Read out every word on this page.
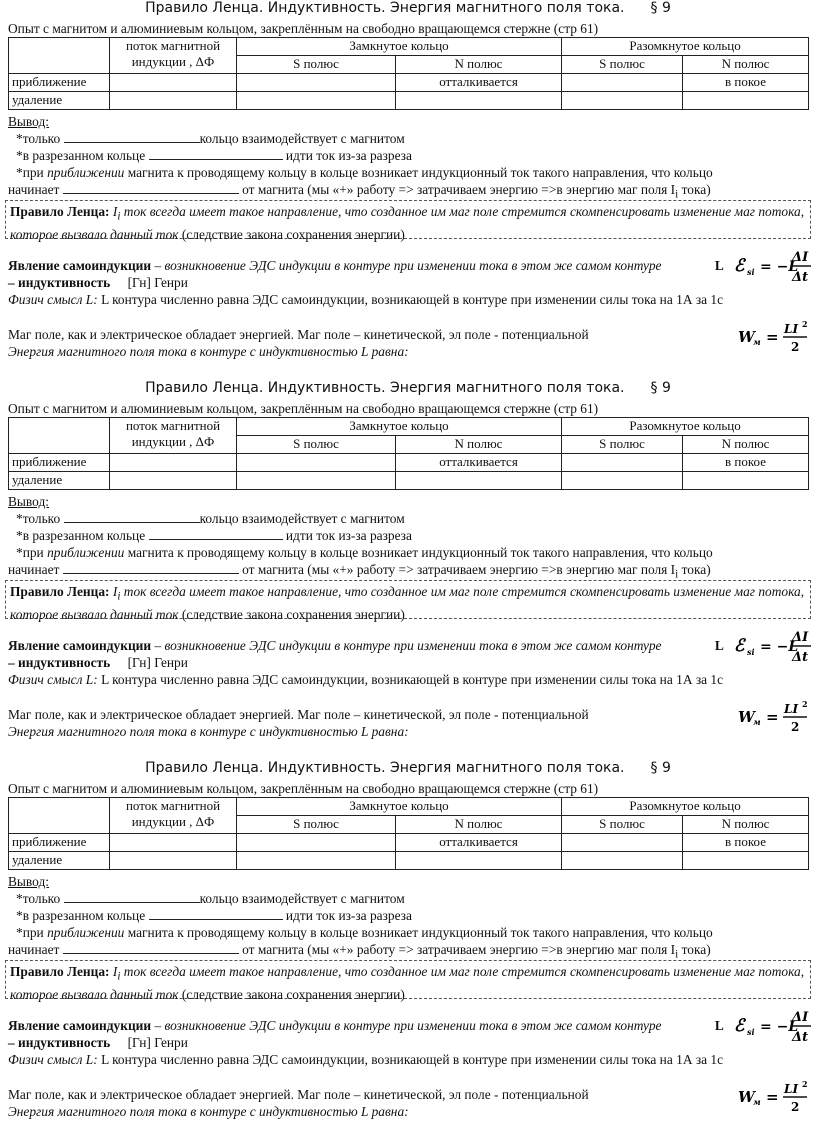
Правило Ленца. Индуктивность. Энергия магнитного поля тока. § 9
Опыт с магнитом и алюминиевым кольцом, закреплённым на свободно вращающемся стержне (стр 61)
	поток магнитной
индукции , ΔФ	Замкнутое кольцо		Разомкнутое кольцо	
		S полюс	N полюс	S полюс	N полюс
приближение			отталкивается		в покое
удаление					
Вывод:
*только	кольцо взаимодействует с магнитом
*в разрезанном кольце	идти ток из-за разреза
*при приближении магнита к проводящему кольцу в кольце возникает индукционный ток такого направления, что кольцо
начинает	от магнита (мы «+» работу => затрачиваем энергию =>в энергию маг поля $I_i$ тока)
Правило Ленца: $I_i$ ток всегда имеет такое направление, что созданное им маг поле стремится скомпенсировать изменение маг потока, которое вызвало данный ток (следствие закона сохранения энергии)
Явление самоиндукции – возникновение ЭДС индукции в контуре при изменении тока в этом же самом контуре	L – индуктивность [Гн] Генри
Физич смысл L: L контура численно равна ЭДС самоиндукции, возникающей в контуре при изменении силы тока на 1А за 1с
Маг поле, как и электрическое обладает энергией. Маг поле – кинетической, эл поле - потенциальной
Энергия магнитного поля тока в контуре с индуктивностью L равна:
ℰ si = −L
ΔI
Δt
W
м = LI 2
2
Правило Ленца. Индуктивность. Энергия магнитного поля тока. § 9
Опыт с магнитом и алюминиевым кольцом, закреплённым на свободно вращающемся стержне (стр 61)
	поток магнитной
индукции , ΔФ	Замкнутое кольцо		Разомкнутое кольцо	
		S полюс	N полюс	S полюс	N полюс
приближение			отталкивается		в покое
удаление					
Вывод:
*только	кольцо взаимодействует с магнитом
*в разрезанном кольце	идти ток из-за разреза
*при приближении магнита к проводящему кольцу в кольце возникает индукционный ток такого направления, что кольцо
начинает	от магнита (мы «+» работу => затрачиваем энергию =>в энергию маг поля $I_i$ тока)
Правило Ленца: $I_i$ ток всегда имеет такое направление, что созданное им маг поле стремится скомпенсировать изменение маг потока, которое вызвало данный ток (следствие закона сохранения энергии)
Явление самоиндукции – возникновение ЭДС индукции в контуре при изменении тока в этом же самом контуре	L – индуктивность [Гн] Генри
Физич смысл L: L контура численно равна ЭДС самоиндукции, возникающей в контуре при изменении силы тока на 1А за 1с
Маг поле, как и электрическое обладает энергией. Маг поле – кинетической, эл поле - потенциальной
Энергия магнитного поля тока в контуре с индуктивностью L равна:
ℰ si = −L
ΔI
Δt
W
м = LI 2
2
Правило Ленца. Индуктивность. Энергия магнитного поля тока. § 9
Опыт с магнитом и алюминиевым кольцом, закреплённым на свободно вращающемся стержне (стр 61)
	поток магнитной
индукции , ΔФ	Замкнутое кольцо		Разомкнутое кольцо	
		S полюс	N полюс	S полюс	N полюс
приближение			отталкивается		в покое
удаление					
Вывод:
*только	кольцо взаимодействует с магнитом
*в разрезанном кольце	идти ток из-за разреза
*при приближении магнита к проводящему кольцу в кольце возникает индукционный ток такого направления, что кольцо
начинает	от магнита (мы «+» работу => затрачиваем энергию =>в энергию маг поля $I_i$ тока)
Правило Ленца: $I_i$ ток всегда имеет такое направление, что созданное им маг поле стремится скомпенсировать изменение маг потока, которое вызвало данный ток (следствие закона сохранения энергии)
Явление самоиндукции – возникновение ЭДС индукции в контуре при изменении тока в этом же самом контуре	L – индуктивность [Гн] Генри
Физич смысл L: L контура численно равна ЭДС самоиндукции, возникающей в контуре при изменении силы тока на 1А за 1с
Маг поле, как и электрическое обладает энергией. Маг поле – кинетической, эл поле - потенциальной
Энергия магнитного поля тока в контуре с индуктивностью L равна:
ℰ si = −L
ΔI
Δt
W
м = LI 2
2
